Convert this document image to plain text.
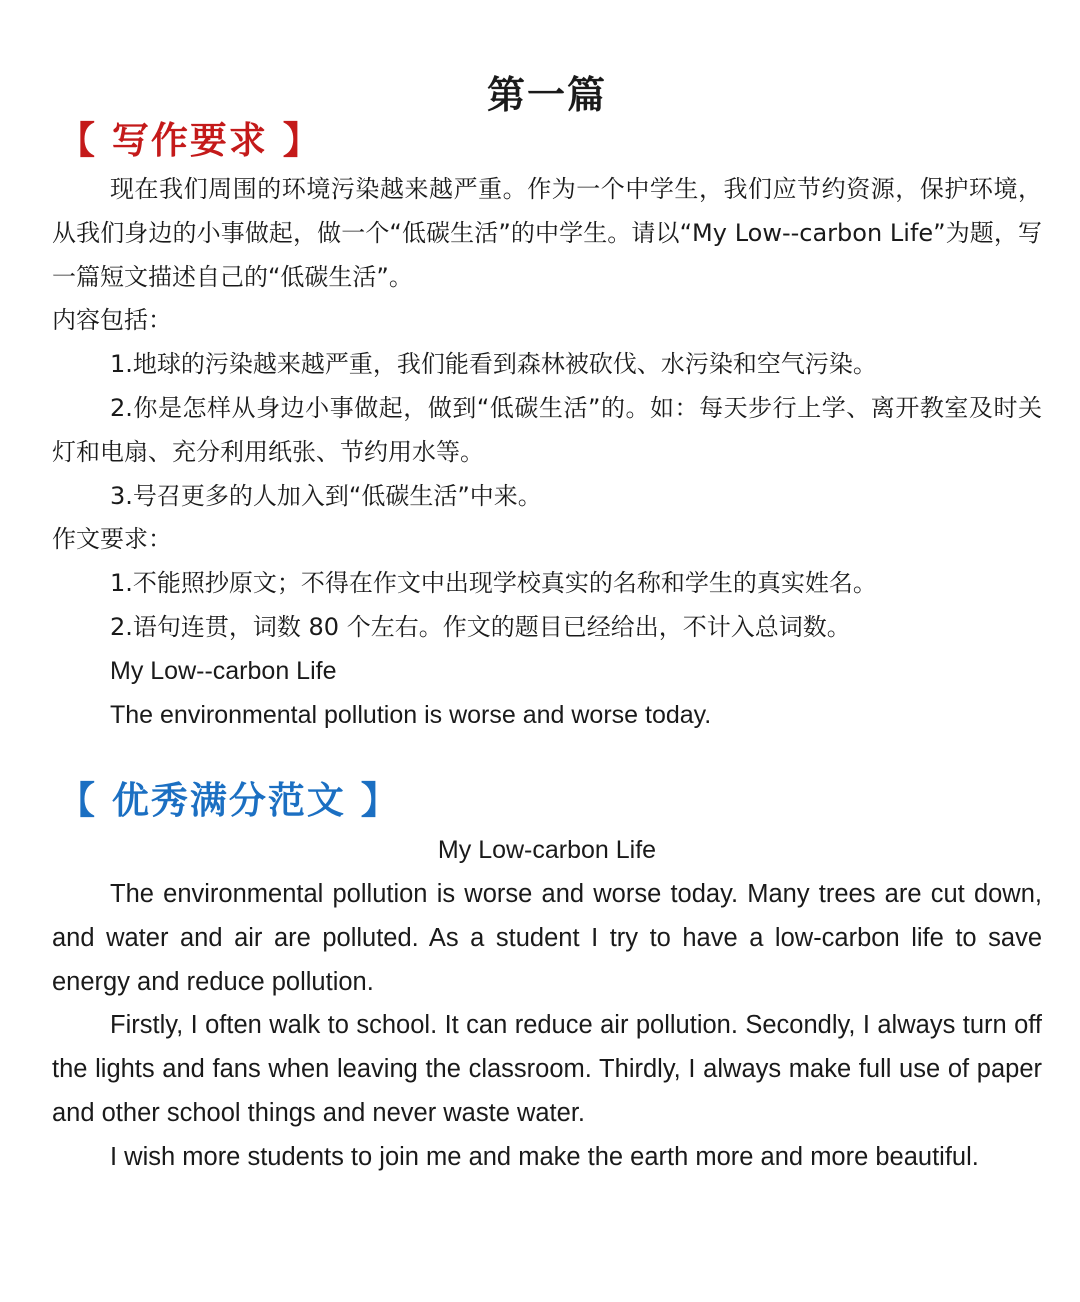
第一篇
【 写作要求 】

现在我们周围的环境污染越来越严重。作为一个中学生，我们应节约资源，保护环境，从我们身边的小事做起，做一个“低碳生活”的中学生。请以“My Low--carbon Life”为题，写一篇短文描述自己的“低碳生活”。

内容包括：

1.地球的污染越来越严重，我们能看到森林被砍伐、水污染和空气污染。

2.你是怎样从身边小事做起，做到“低碳生活”的。如：每天步行上学、离开教室及时关灯和电扇、充分利用纸张、节约用水等。

3.号召更多的人加入到“低碳生活”中来。

作文要求：

1.不能照抄原文；不得在作文中出现学校真实的名称和学生的真实姓名。

2.语句连贯，词数 80 个左右。作文的题目已经给出，不计入总词数。

My Low--carbon Life

The environmental pollution is worse and worse today.

【 优秀满分范文 】
My Low-carbon Life

The environmental pollution is worse and worse today. Many trees are cut down, and water and air are polluted. As a student I try to have a low-carbon life to save energy and reduce pollution.

Firstly, I often walk to school. It can reduce air pollution. Secondly, I always turn off the lights and fans when leaving the classroom. Thirdly, I always make full use of paper and other school things and never waste water.

I wish more students to join me and make the earth more and more beautiful.
